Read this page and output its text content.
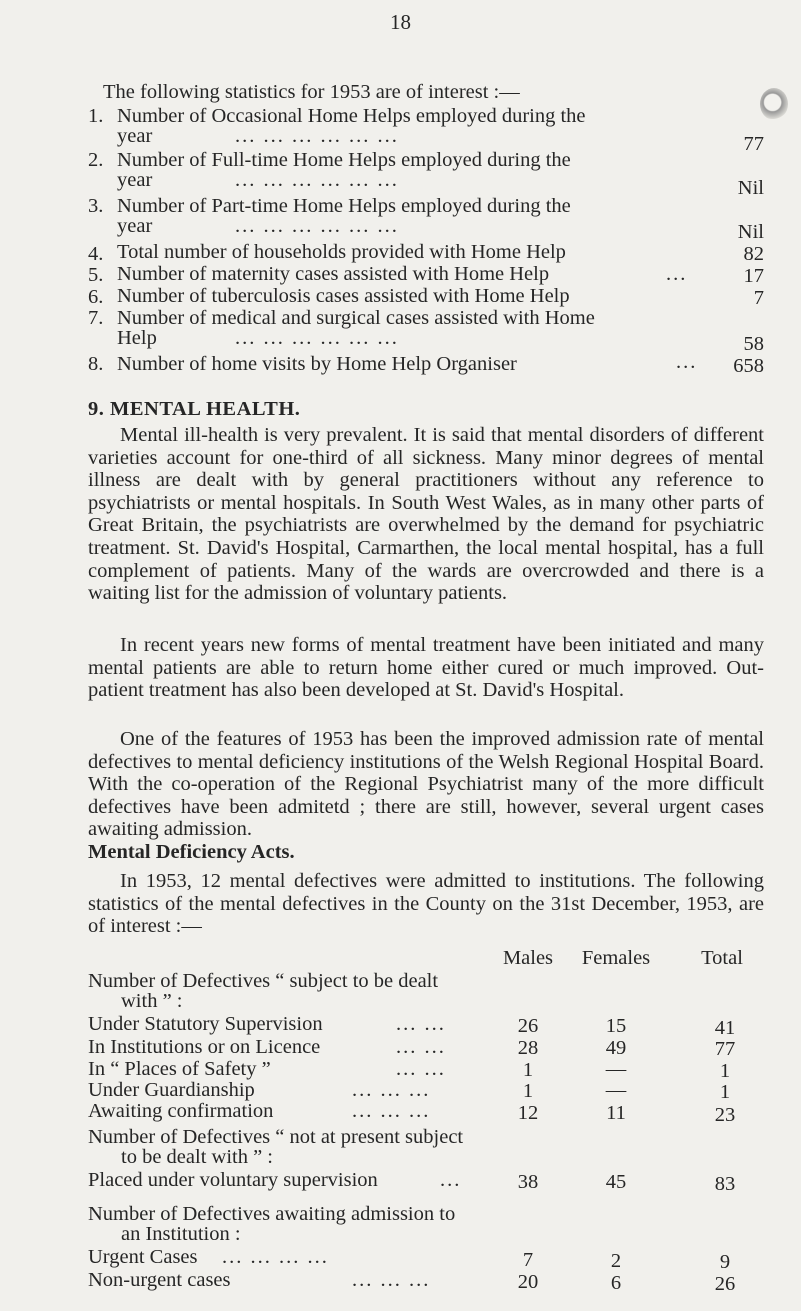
18
The following statistics for 1953 are of interest :—
1. Number of Occasional Home Helps employed during the
year	... ... ... ... ... ...	77
2. Number of Full-time Home Helps employed during the
year	... ... ... ... ... ...	Nil
3. Number of Part-time Home Helps employed during the
year	... ... ... ... ... ...	Nil
4. Total number of households provided with Home Help	82
5. Number of maternity cases assisted with Home Help	...	17
6. Number of tuberculosis cases assisted with Home Help	7
7. Number of medical and surgical cases assisted with Home
Help	... ... ... ... ... ...	58
8. Number of home visits by Home Help Organiser	...	658
9. MENTAL HEALTH.
Mental ill-health is very prevalent. It is said that mental disorders of different varieties account for one-third of all sickness. Many minor degrees of mental illness are dealt with by general practitioners without any reference to psychiatrists or mental hospitals. In South West Wales, as in many other parts of Great Britain, the psychiatrists are overwhelmed by the demand for psychiatric treatment. St. David's Hospital, Carmarthen, the local mental hospital, has a full complement of patients. Many of the wards are overcrowded and there is a waiting list for the admission of voluntary patients.
In recent years new forms of mental treatment have been initiated and many mental patients are able to return home either cured or much improved. Out-patient treatment has also been developed at St. David's Hospital.
One of the features of 1953 has been the improved admission rate of mental defectives to mental deficiency institutions of the Welsh Regional Hospital Board. With the co-operation of the Regional Psychiatrist many of the more difficult defectives have been admitetd ; there are still, however, several urgent cases awaiting admission.
Mental Deficiency Acts.
In 1953, 12 mental defectives were admitted to institutions. The following statistics of the mental defectives in the County on the 31st December, 1953, are of interest :—
Males	Females	Total
Number of Defectives “ subject to be dealt
with ” :
Under Statutory Supervision	... ...	26	15	41
In Institutions or on Licence	... ...	28	49	77
In “ Places of Safety ”	... ...	1	—	1
Under Guardianship	... ... ...	1	—	1
Awaiting confirmation	... ... ...	12	11	23
Number of Defectives “ not at present subject
to be dealt with ” :
Placed under voluntary supervision	...	38	45	83
Number of Defectives awaiting admission to
an Institution :
Urgent Cases ... ... ... ...	7	2	9
Non-urgent cases	... ... ...	20	6	26
